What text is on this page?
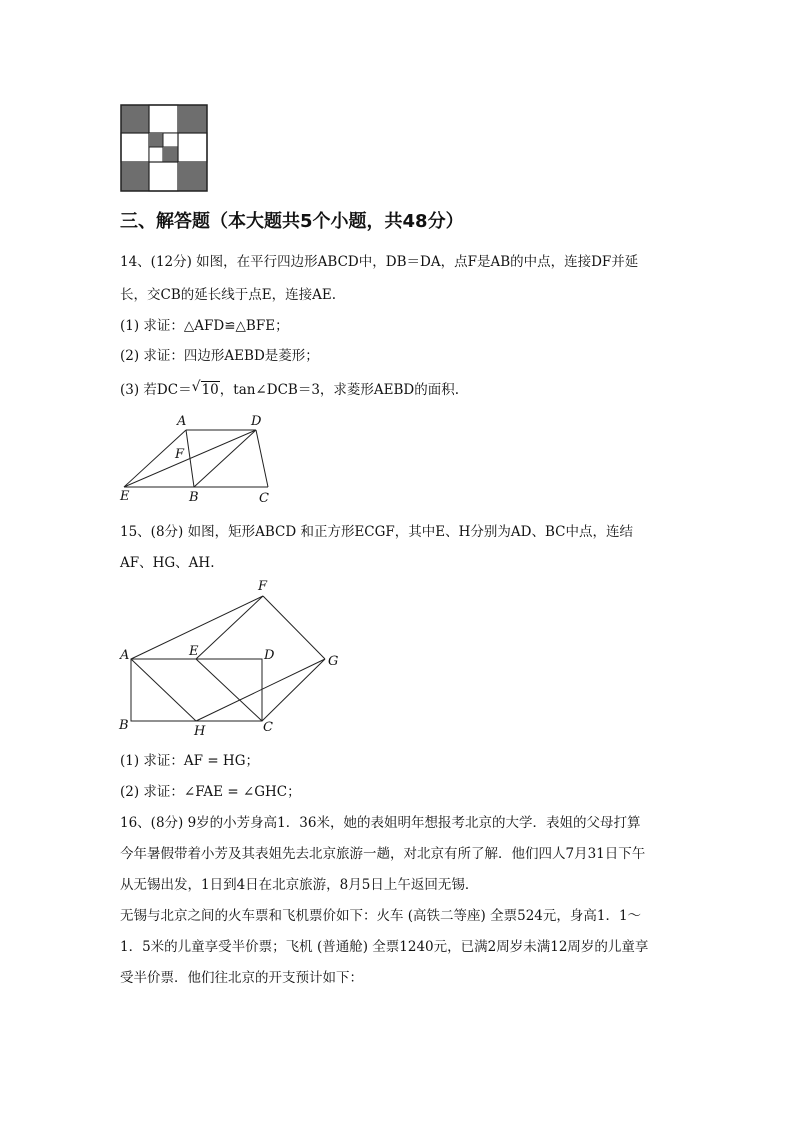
三、解答题（本大题共5个小题，共48分）
14、(12分) 如图，在平行四边形ABCD中，DB＝DA，点F是AB的中点，连接DF并延
长，交CB的延长线于点E，连接AE.
(1) 求证：△AFD≌△BFE；
(2) 求证：四边形AEBD是菱形；
(3) 若DC＝ √ 10，tan∠DCB＝3，求菱形AEBD的面积.
A	D
F
E	B	C
15、(8分) 如图，矩形ABCD 和正方形ECGF，其中E、H分别为AD、BC中点，连结
AF、HG、AH.
F
A	E	D	G
B	H	C
(1) 求证：AF = HG；
(2) 求证：∠FAE = ∠GHC；
16、(8分) 9岁的小芳身高1．36米，她的表姐明年想报考北京的大学．表姐的父母打算
今年暑假带着小芳及其表姐先去北京旅游一趟，对北京有所了解．他们四人7月31日下午
从无锡出发，1日到4日在北京旅游，8月5日上午返回无锡．
无锡与北京之间的火车票和飞机票价如下：火车 (高铁二等座) 全票524元，身高1．1～
1．5米的儿童享受半价票；飞机 (普通舱) 全票1240元，已满2周岁未满12周岁的儿童享
受半价票．他们往北京的开支预计如下：
